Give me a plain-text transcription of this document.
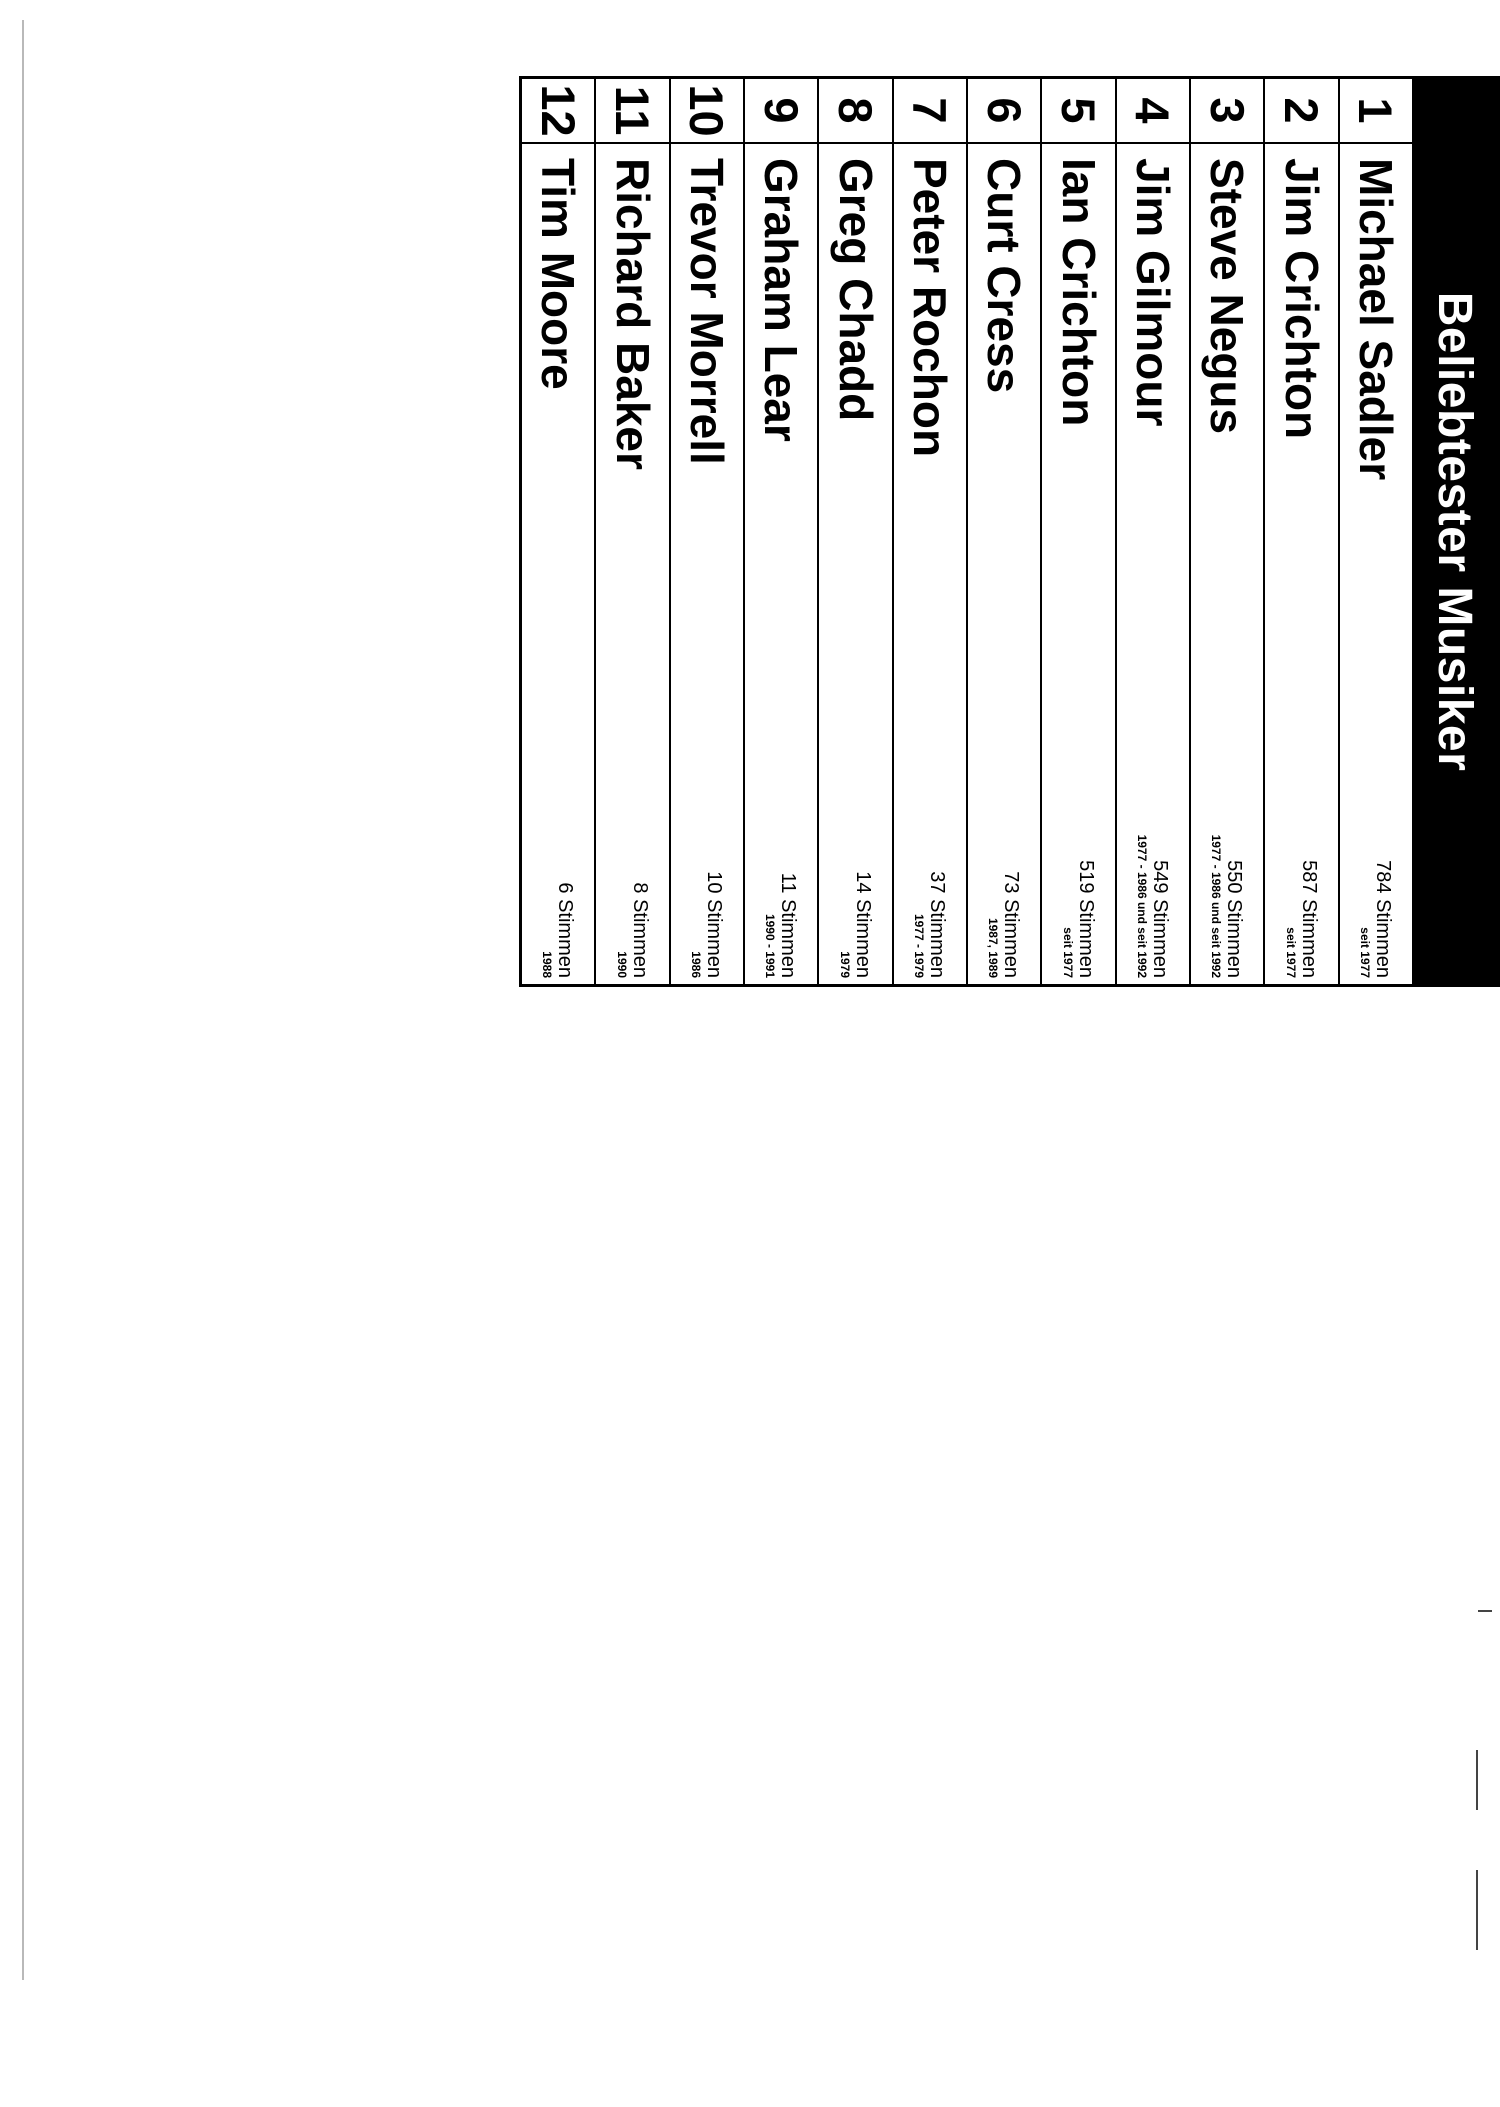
Beliebtester Musiker
1
Michael Sadler
784 Stimmen
seit 1977
2
Jim Crichton
587 Stimmen
seit 1977
3
Steve Negus
550 Stimmen
1977 - 1986 und seit 1992
4
Jim Gilmour
549 Stimmen
1977 - 1986 und seit 1992
5
Ian Crichton
519 Stimmen
seit 1977
6
Curt Cress
73 Stimmen
1987, 1989
7
Peter Rochon
37 Stimmen
1977 - 1979
8
Greg Chadd
14 Stimmen
1979
9
Graham Lear
11 Stimmen
1990 - 1991
10
Trevor Morrell
10 Stimmen
1986
11
Richard Baker
8 Stimmen
1990
12
Tim Moore
6 Stimmen
1988
